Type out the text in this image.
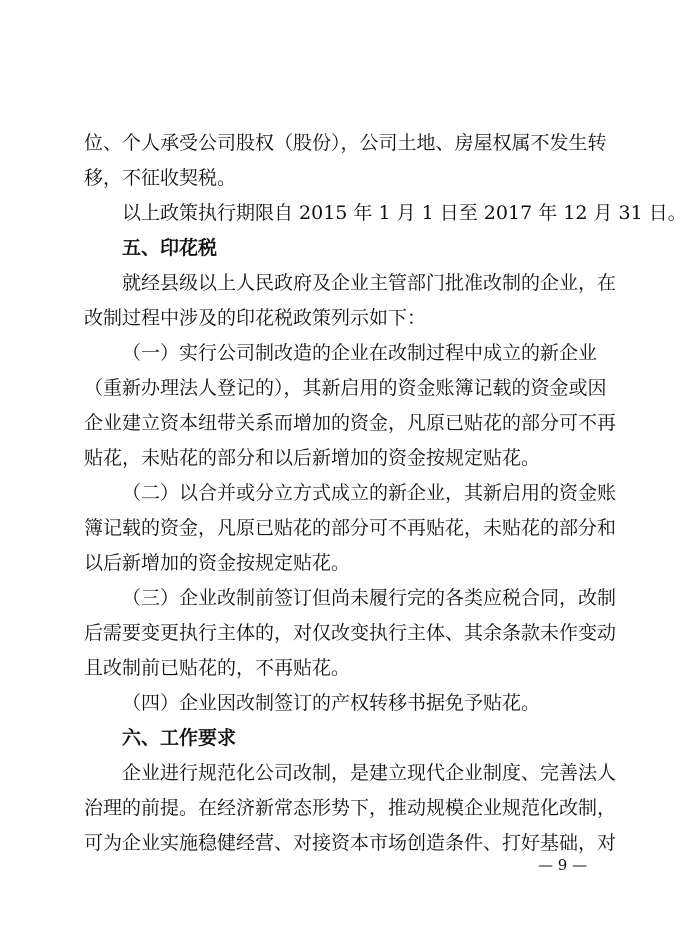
位、个人承受公司股权（股份），公司土地、房屋权属不发生转
移，不征收契税。
以上政策执行期限自 2015 年 1 月 1 日至 2017 年 12 月 31 日。
五、印花税
就经县级以上人民政府及企业主管部门批准改制的企业，在
改制过程中涉及的印花税政策列示如下：
（一）实行公司制改造的企业在改制过程中成立的新企业
（重新办理法人登记的），其新启用的资金账簿记载的资金或因
企业建立资本纽带关系而增加的资金，凡原已贴花的部分可不再
贴花，未贴花的部分和以后新增加的资金按规定贴花。
（二）以合并或分立方式成立的新企业，其新启用的资金账
簿记载的资金，凡原已贴花的部分可不再贴花，未贴花的部分和
以后新增加的资金按规定贴花。
（三）企业改制前签订但尚未履行完的各类应税合同，改制
后需要变更执行主体的，对仅改变执行主体、其余条款未作变动
且改制前已贴花的，不再贴花。
（四）企业因改制签订的产权转移书据免予贴花。
六、工作要求
企业进行规范化公司改制，是建立现代企业制度、完善法人
治理的前提。在经济新常态形势下，推动规模企业规范化改制，
可为企业实施稳健经营、对接资本市场创造条件、打好基础，对
— 9 —
